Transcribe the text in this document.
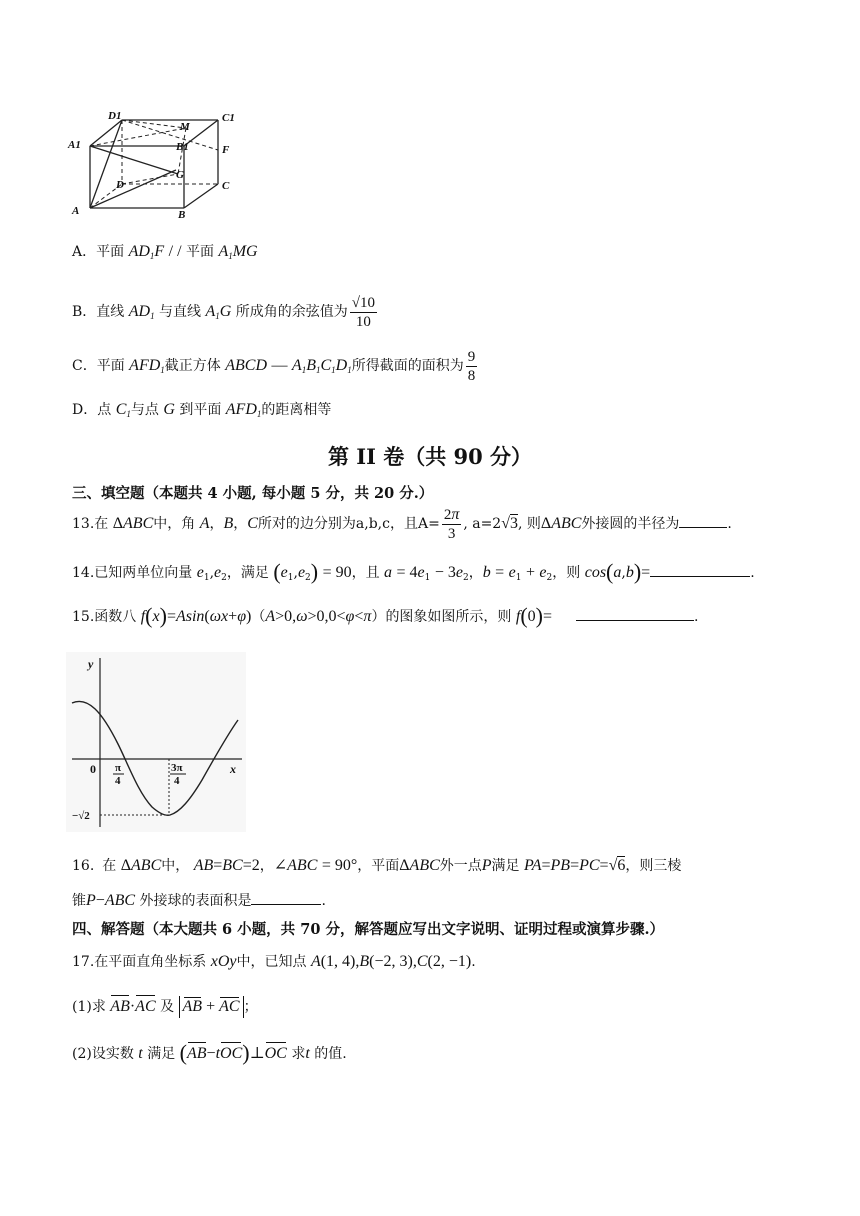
D1	C1
M
A1	B1	F
D
G
C
A	B
A．平面 $AD_1F$ / / 平面 $A_1MG$
B．直线 $AD_1$ 与直线 $A_1G$ 所成角的余弦值为 $\frac{√10}{10}$
C．平面 $AFD_1$截正方体 ABCD — $A_1B_1C_1D_1$所得截面的面积为 $\frac{9}{8}$
D．点 $C_1$与点 G 到平面 $AFD_1$的距离相等
第 II 卷（共 90 分）
三、填空题（本题共 4 小题, 每小题 5 分，共 20 分.）
13.在 ΔABC中，角 A，B，C所对的边分别为a,b,c，且$A= \frac{2\pi}{3}$ , a=2√3, 则ΔABC外接圆的半径为	.
14.已知两单位向量 $e_1,e_2$，满足 $(e_1,e_2) = 90$，且 $a = 4e_1 - 3e_2$，$b = e_1 + e_2$，则 cos(a,b)=	.
15.函数八 f(x)=Asin(ωx+φ)（A>0,ω>0,0<φ<π）的图象如图所示，则 f(0)=	.
y
x
0 π
4
3π
4
−√2
16. 在 ΔABC中， AB=BC=2，∠ABC = 90°，平面ΔABC外一点P满足 PA=PB=PC=√6，则三棱
锥P−ABC 外接球的表面积是	.
四、解答题（本大题共 6 小题，共 70 分，解答题应写出文字说明、证明过程或演算步骤.）
17.在平面直角坐标系 xOy中，已知点 A(1, 4),B(−2, 3),C(2, −1).
(1)求 AB·AC 及 AB + AC ；
(2)设实数 t 满足 (AB−tOC)⊥OC 求t 的值.
